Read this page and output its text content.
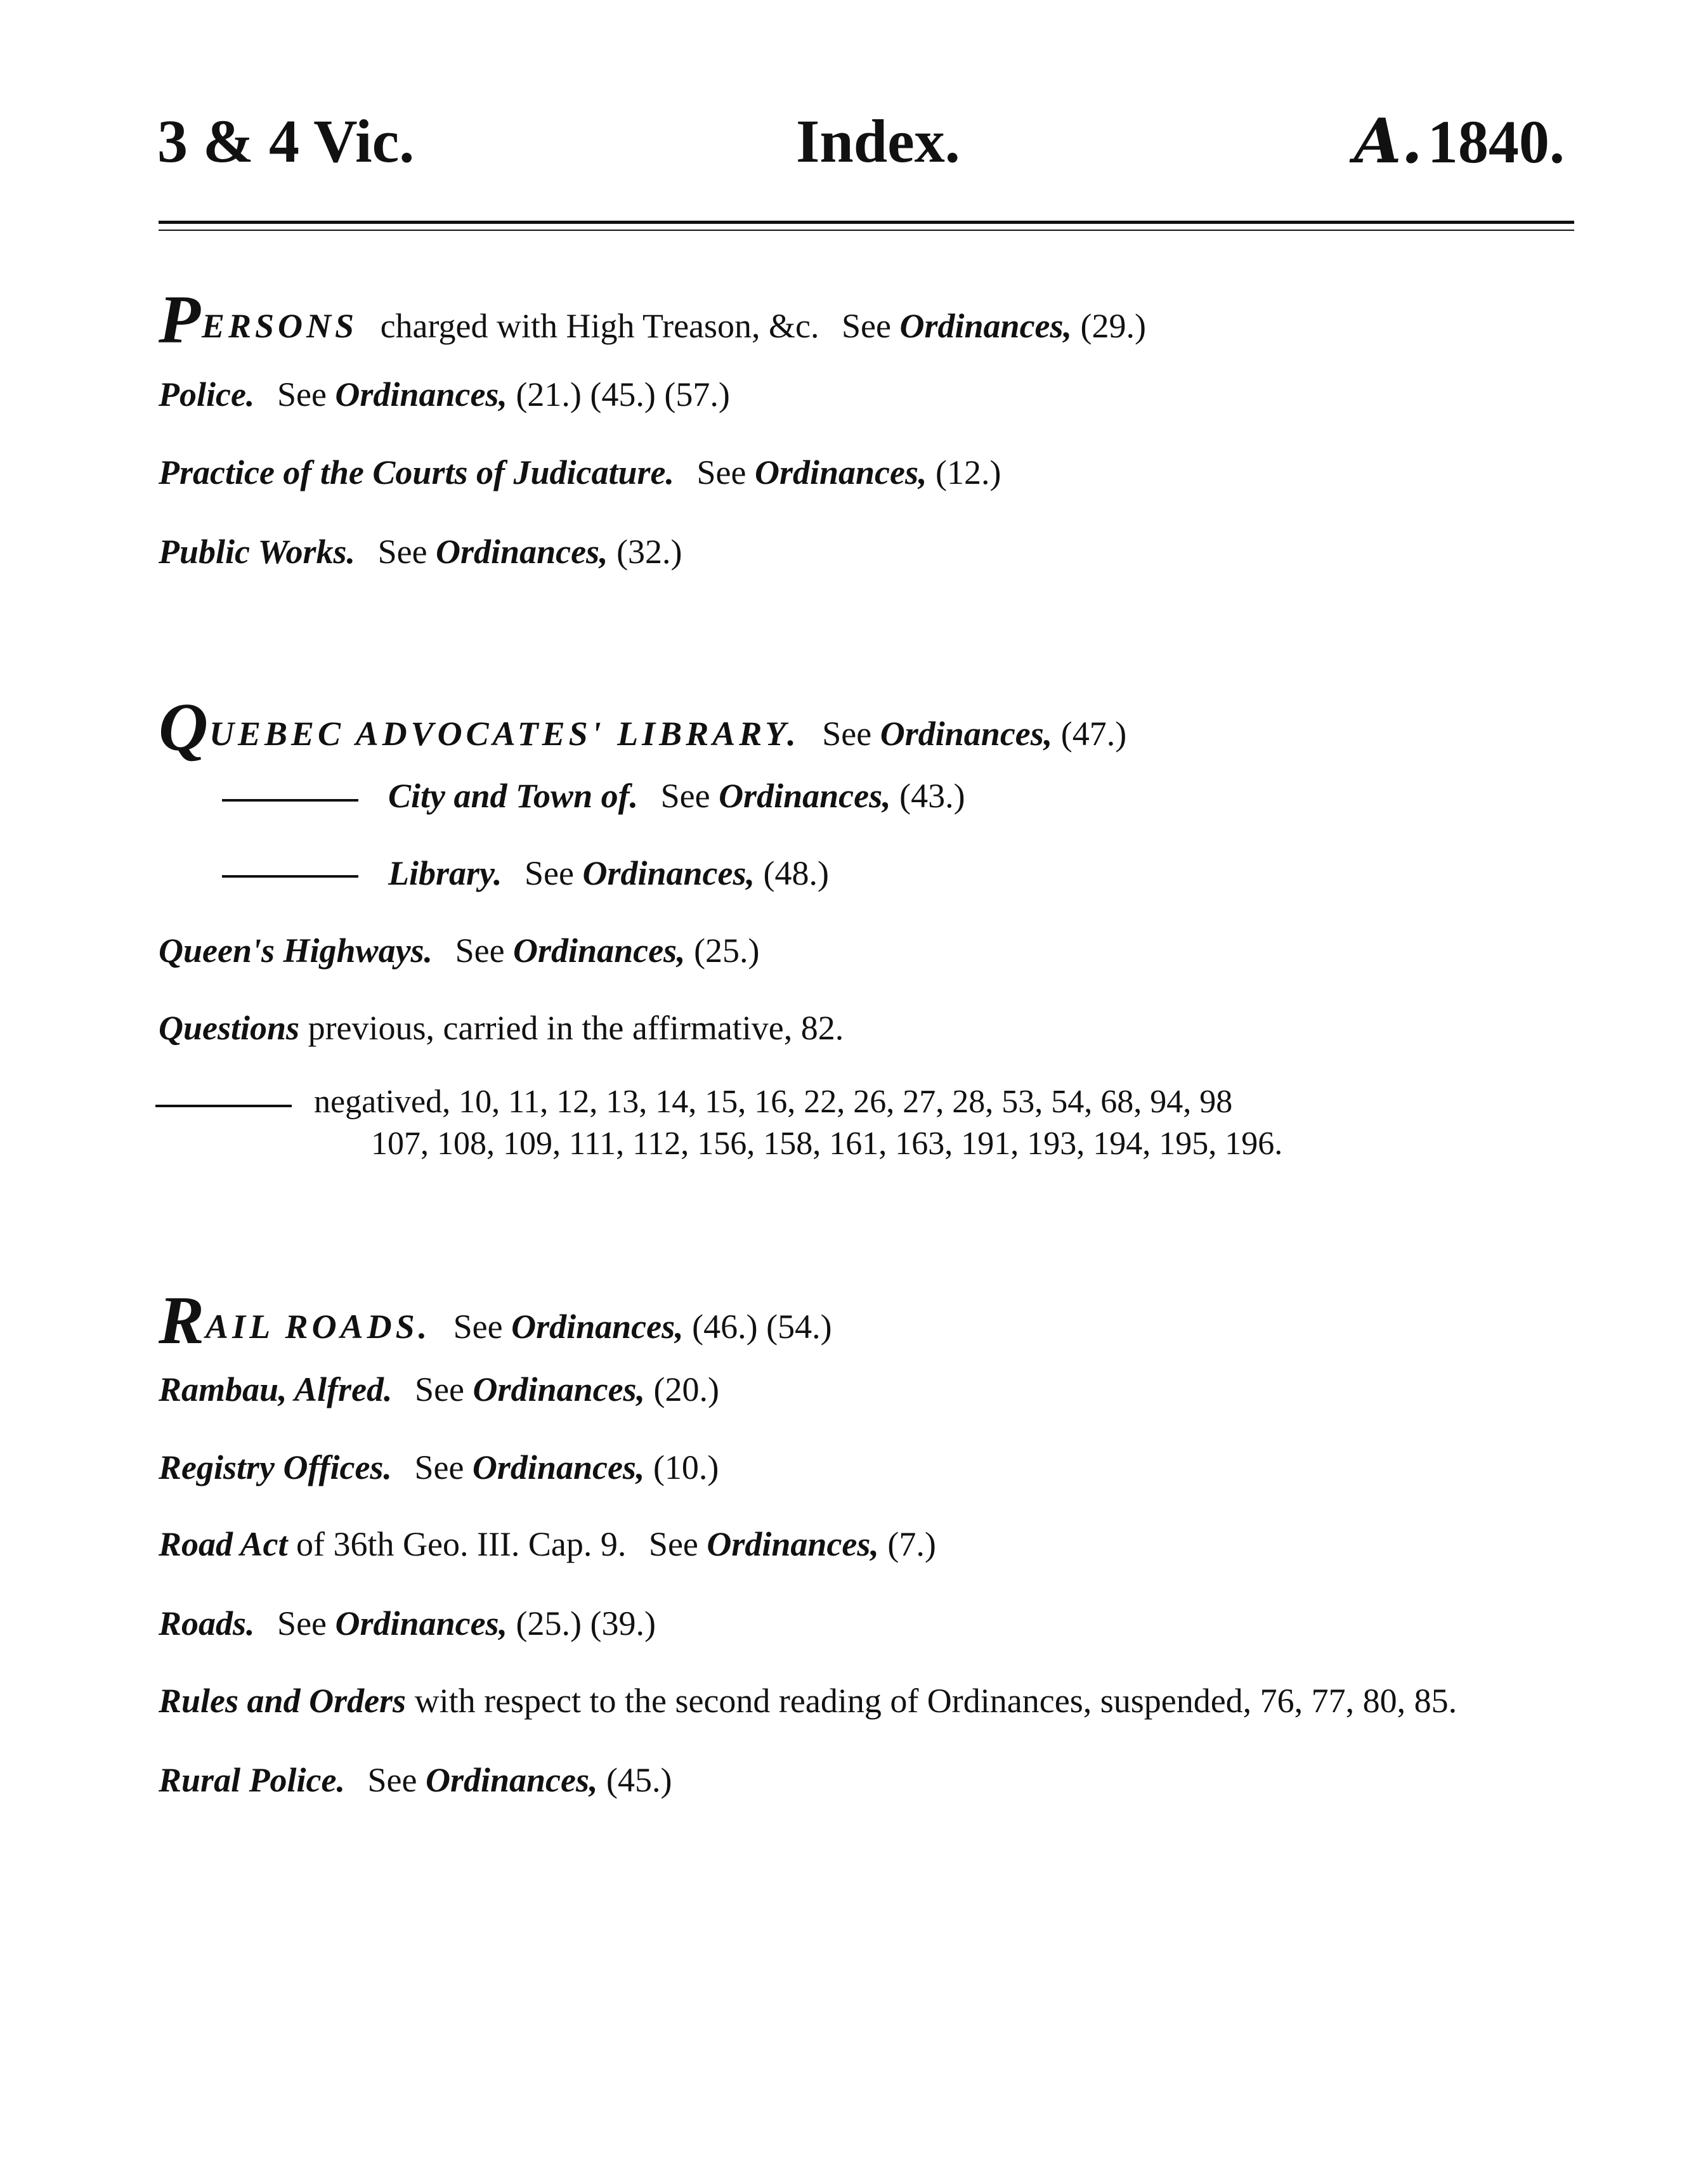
3 & 4 Vic.	Index.	A.1840.
PERSONS charged with High Treason, &c. See Ordinances, (29.)
Police. See Ordinances, (21.) (45.) (57.)
Practice of the Courts of Judicature. See Ordinances, (12.)
Public Works. See Ordinances, (32.)
QUEBEC ADVOCATES' LIBRARY. See Ordinances, (47.)
City and Town of. See Ordinances, (43.)
Library. See Ordinances, (48.)
Queen's Highways. See Ordinances, (25.)
Questions previous, carried in the affirmative, 82.
negatived, 10, 11, 12, 13, 14, 15, 16, 22, 26, 27, 28, 53, 54, 68, 94, 98
107, 108, 109, 111, 112, 156, 158, 161, 163, 191, 193, 194, 195, 196.
RAIL ROADS. See Ordinances, (46.) (54.)
Rambau, Alfred. See Ordinances, (20.)
Registry Offices. See Ordinances, (10.)
Road Act of 36th Geo. III. Cap. 9. See Ordinances, (7.)
Roads. See Ordinances, (25.) (39.)
Rules and Orders with respect to the second reading of Ordinances, suspended, 76, 77, 80, 85.
Rural Police. See Ordinances, (45.)
